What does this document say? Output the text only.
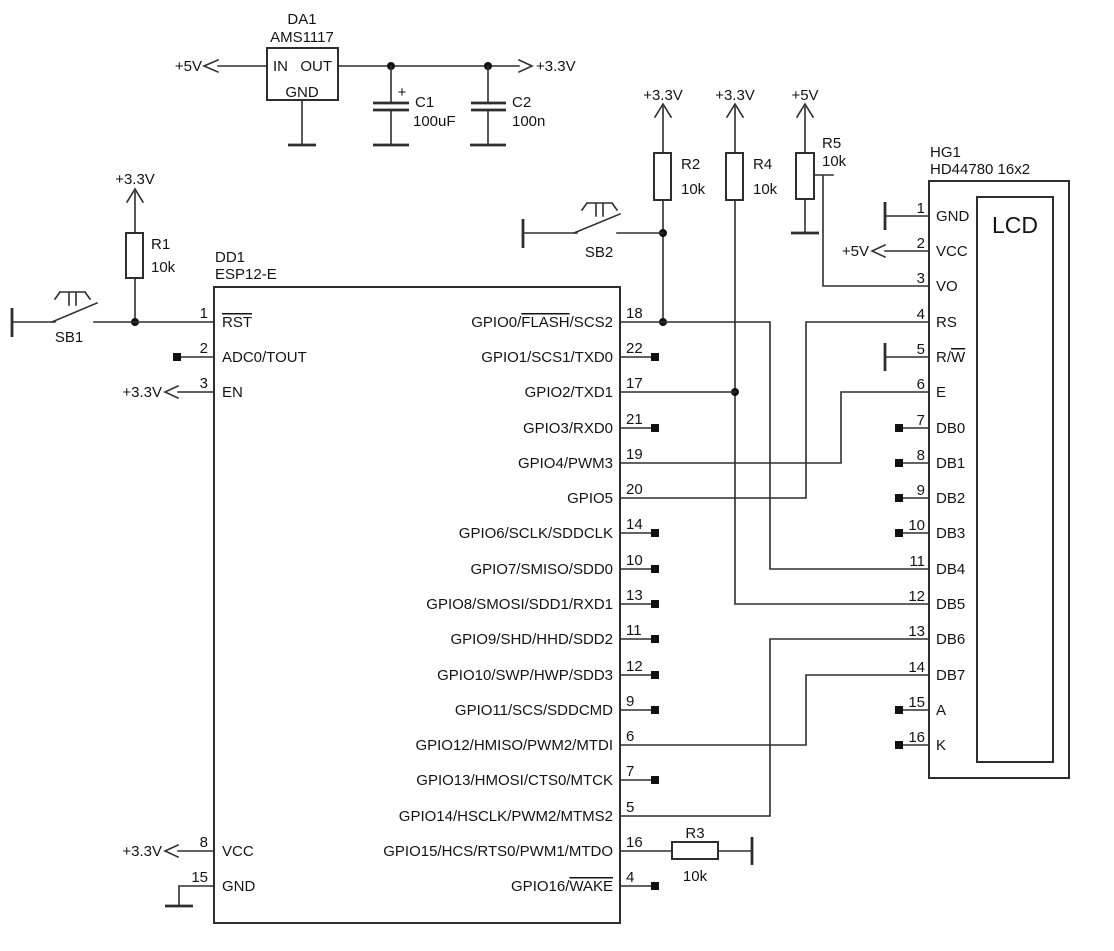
+5V
DA1
AMS1117
IN OUT
GND
+3.3V
+
C1
100uF
C2
100n
+3.3V
R1
10k
SB1
+3.3V
R2
10k
SB2
+3.3V
R4
10k
+5V
R5
10k
R3
10k
+3.3V
+3.3V
+5V
DD1
ESP12-E
18
GPIO0/FLASH/SCS2
22
GPIO1/SCS1/TXD0
17
GPIO2/TXD1
21
GPIO3/RXD0
19
GPIO4/PWM3
20
GPIO5
14
GPIO6/SCLK/SDDCLK
10
GPIO7/SMISO/SDD0
13
GPIO8/SMOSI/SDD1/RXD1
11
GPIO9/SHD/HHD/SDD2
12
GPIO10/SWP/HWP/SDD3
9
GPIO11/SCS/SDDCMD
6
GPIO12/HMISO/PWM2/MTDI
7
GPIO13/HMOSI/CTS0/MTCK
5
GPIO14/HSCLK/PWM2/MTMS2
16
GPIO15/HCS/RTS0/PWM1/MTDO
4
GPIO16/WAKE
1
RST
2
ADC0/TOUT
3
EN
8
VCC
15
GND
HG1
HD44780 16x2
LCD
1 GND
2 VCC
3 VO
4 RS
5 R/W
6 E
7 DB0
8 DB1
9 DB2
10 DB3
11 DB4
12 DB5
13 DB6
14 DB7
15 A
16 K
